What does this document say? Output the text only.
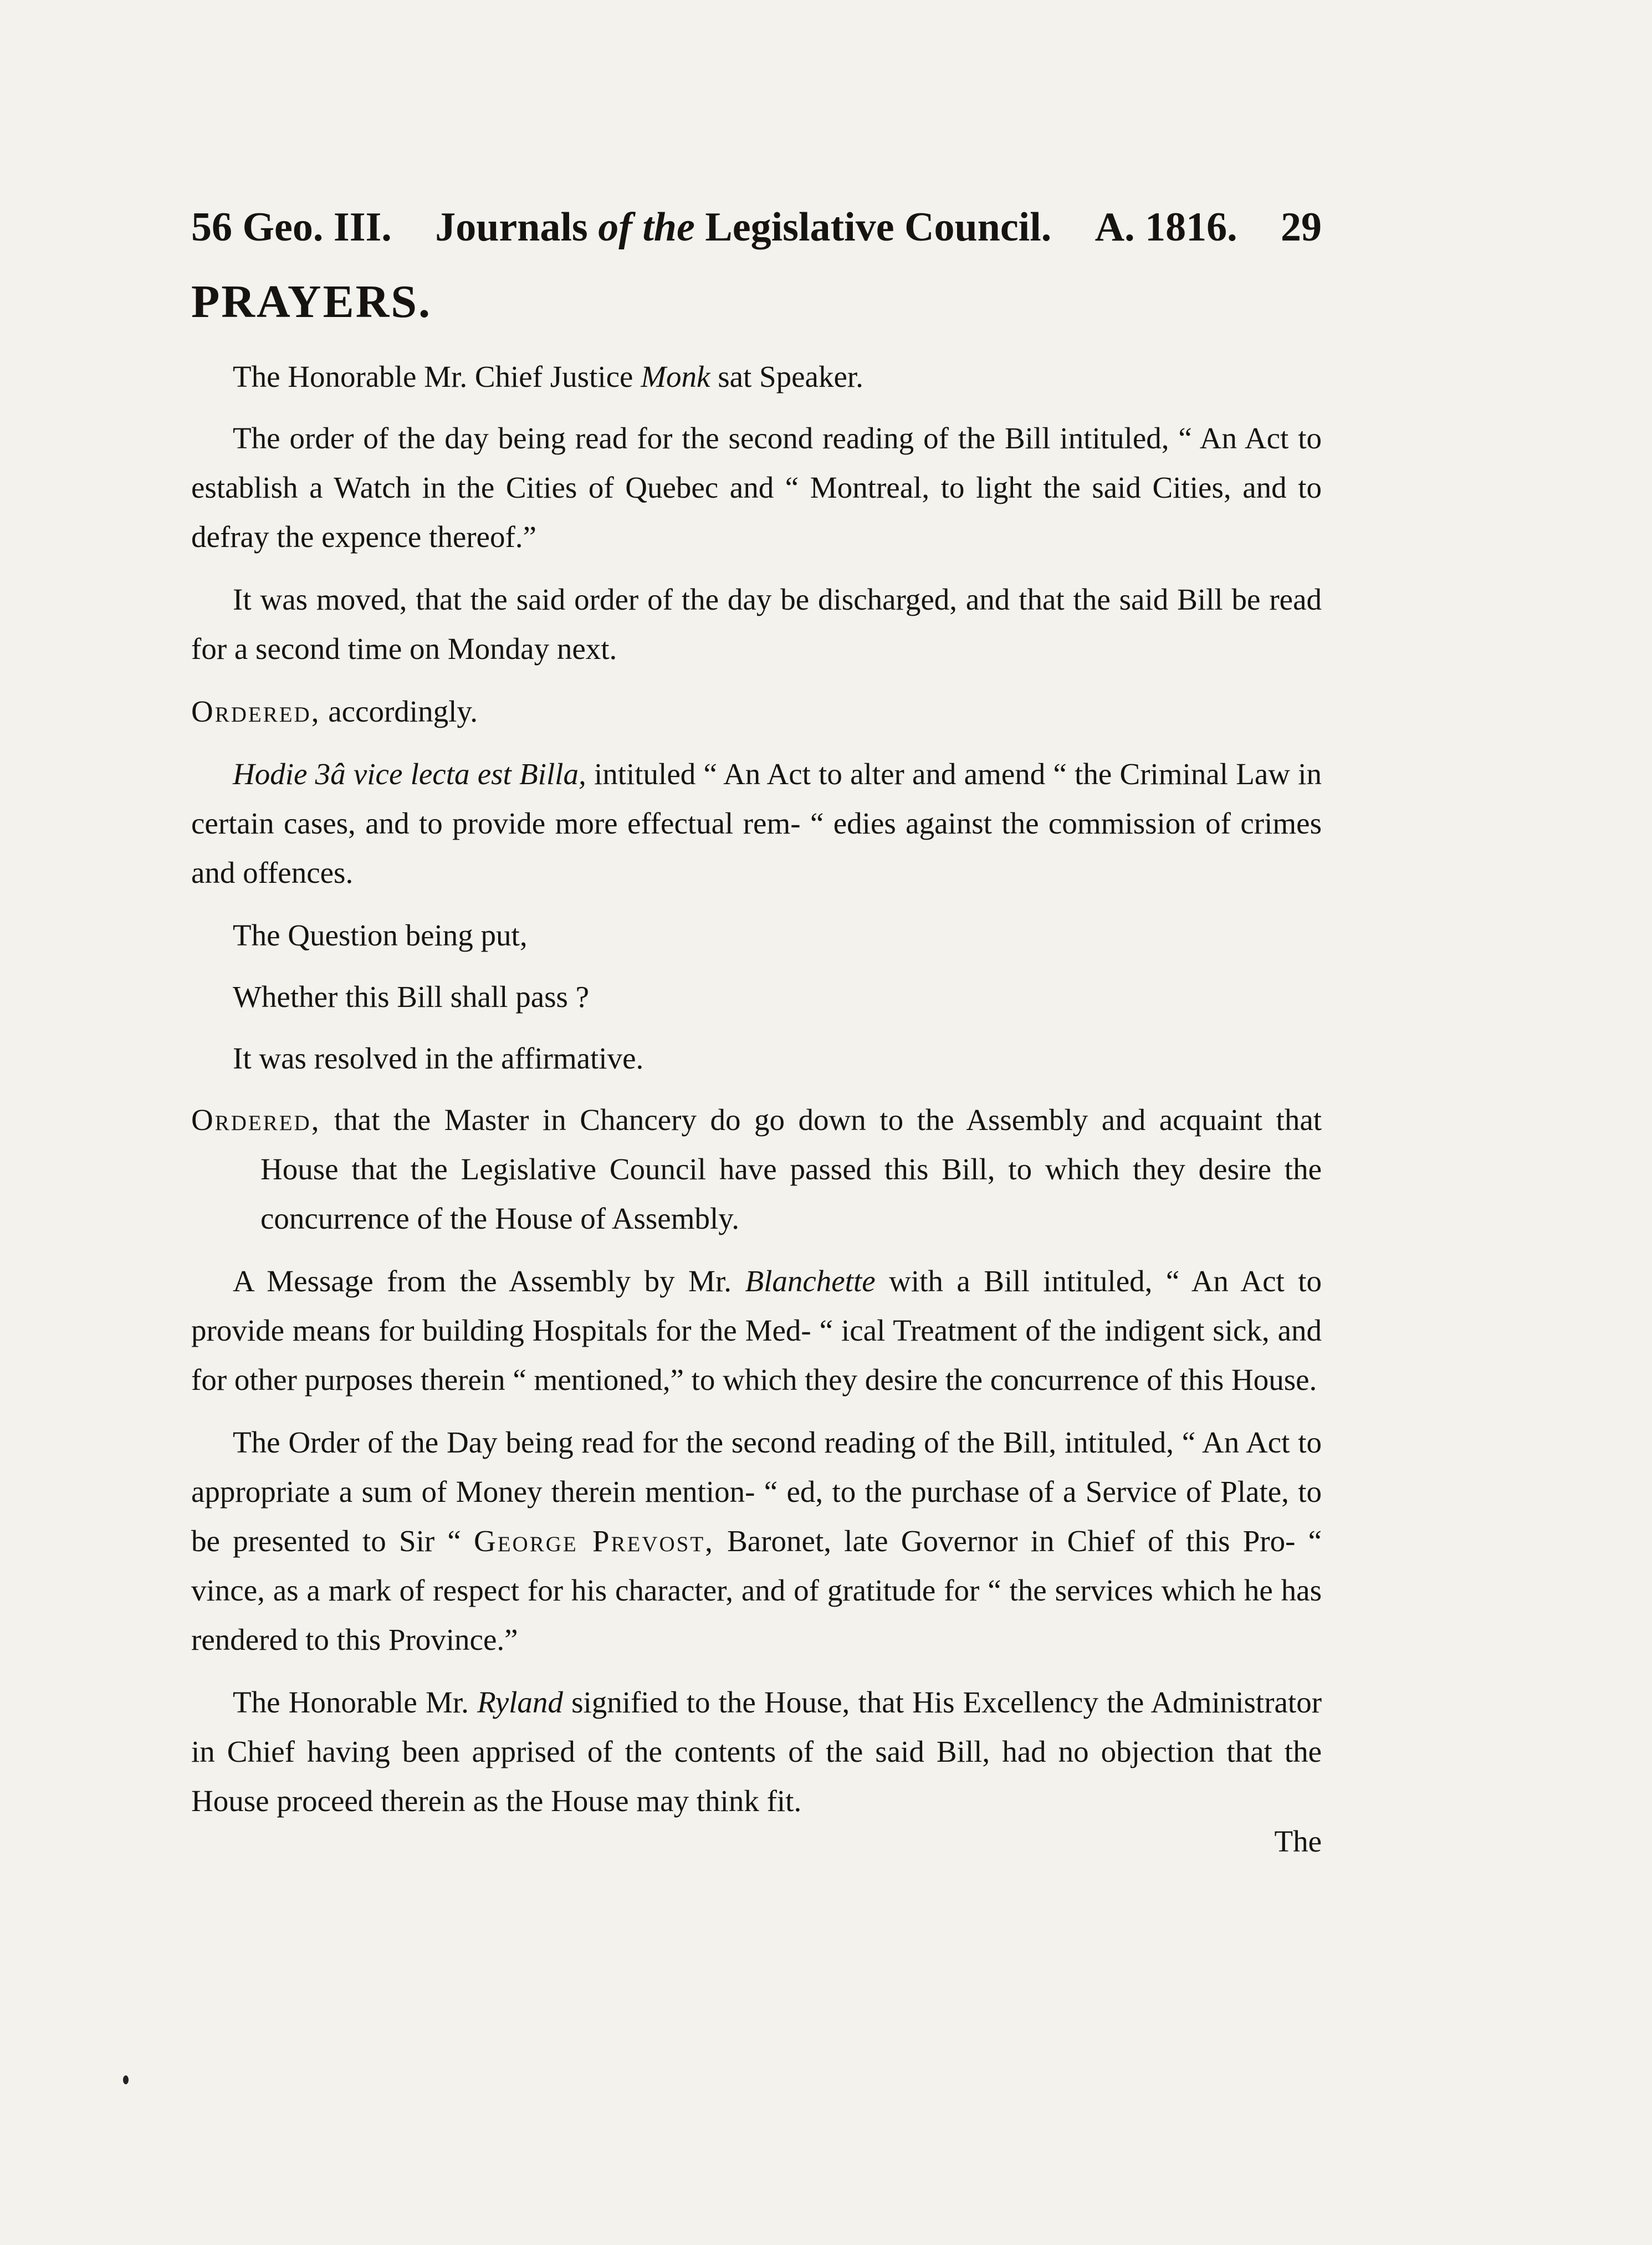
56 Geo. III. Journals of the Legislative Council. A. 1816. 29
PRAYERS.

The Honorable Mr. Chief Justice Monk sat Speaker.

The order of the day being read for the second reading of the Bill intituled, “ An Act to establish a Watch in the Cities of Quebec and “ Montreal, to light the said Cities, and to defray the expence thereof.”

It was moved, that the said order of the day be discharged, and that the said Bill be read for a second time on Monday next.

Ordered, accordingly.

Hodie 3â vice lecta est Billa, intituled “ An Act to alter and amend “ the Criminal Law in certain cases, and to provide more effectual rem- “ edies against the commission of crimes and offences.

The Question being put,

Whether this Bill shall pass ?

It was resolved in the affirmative.

Ordered, that the Master in Chancery do go down to the Assembly and acquaint that House that the Legislative Council have passed this Bill, to which they desire the concurrence of the House of Assembly.

A Message from the Assembly by Mr. Blanchette with a Bill intituled, “ An Act to provide means for building Hospitals for the Med- “ ical Treatment of the indigent sick, and for other purposes therein “ mentioned,” to which they desire the concurrence of this House.

The Order of the Day being read for the second reading of the Bill, intituled, “ An Act to appropriate a sum of Money therein mention- “ ed, to the purchase of a Service of Plate, to be presented to Sir “ George Prevost, Baronet, late Governor in Chief of this Pro- “ vince, as a mark of respect for his character, and of gratitude for “ the services which he has rendered to this Province.”

The Honorable Mr. Ryland signified to the House, that His Excellency the Administrator in Chief having been apprised of the contents of the said Bill, had no objection that the House proceed therein as the House may think fit.

The
